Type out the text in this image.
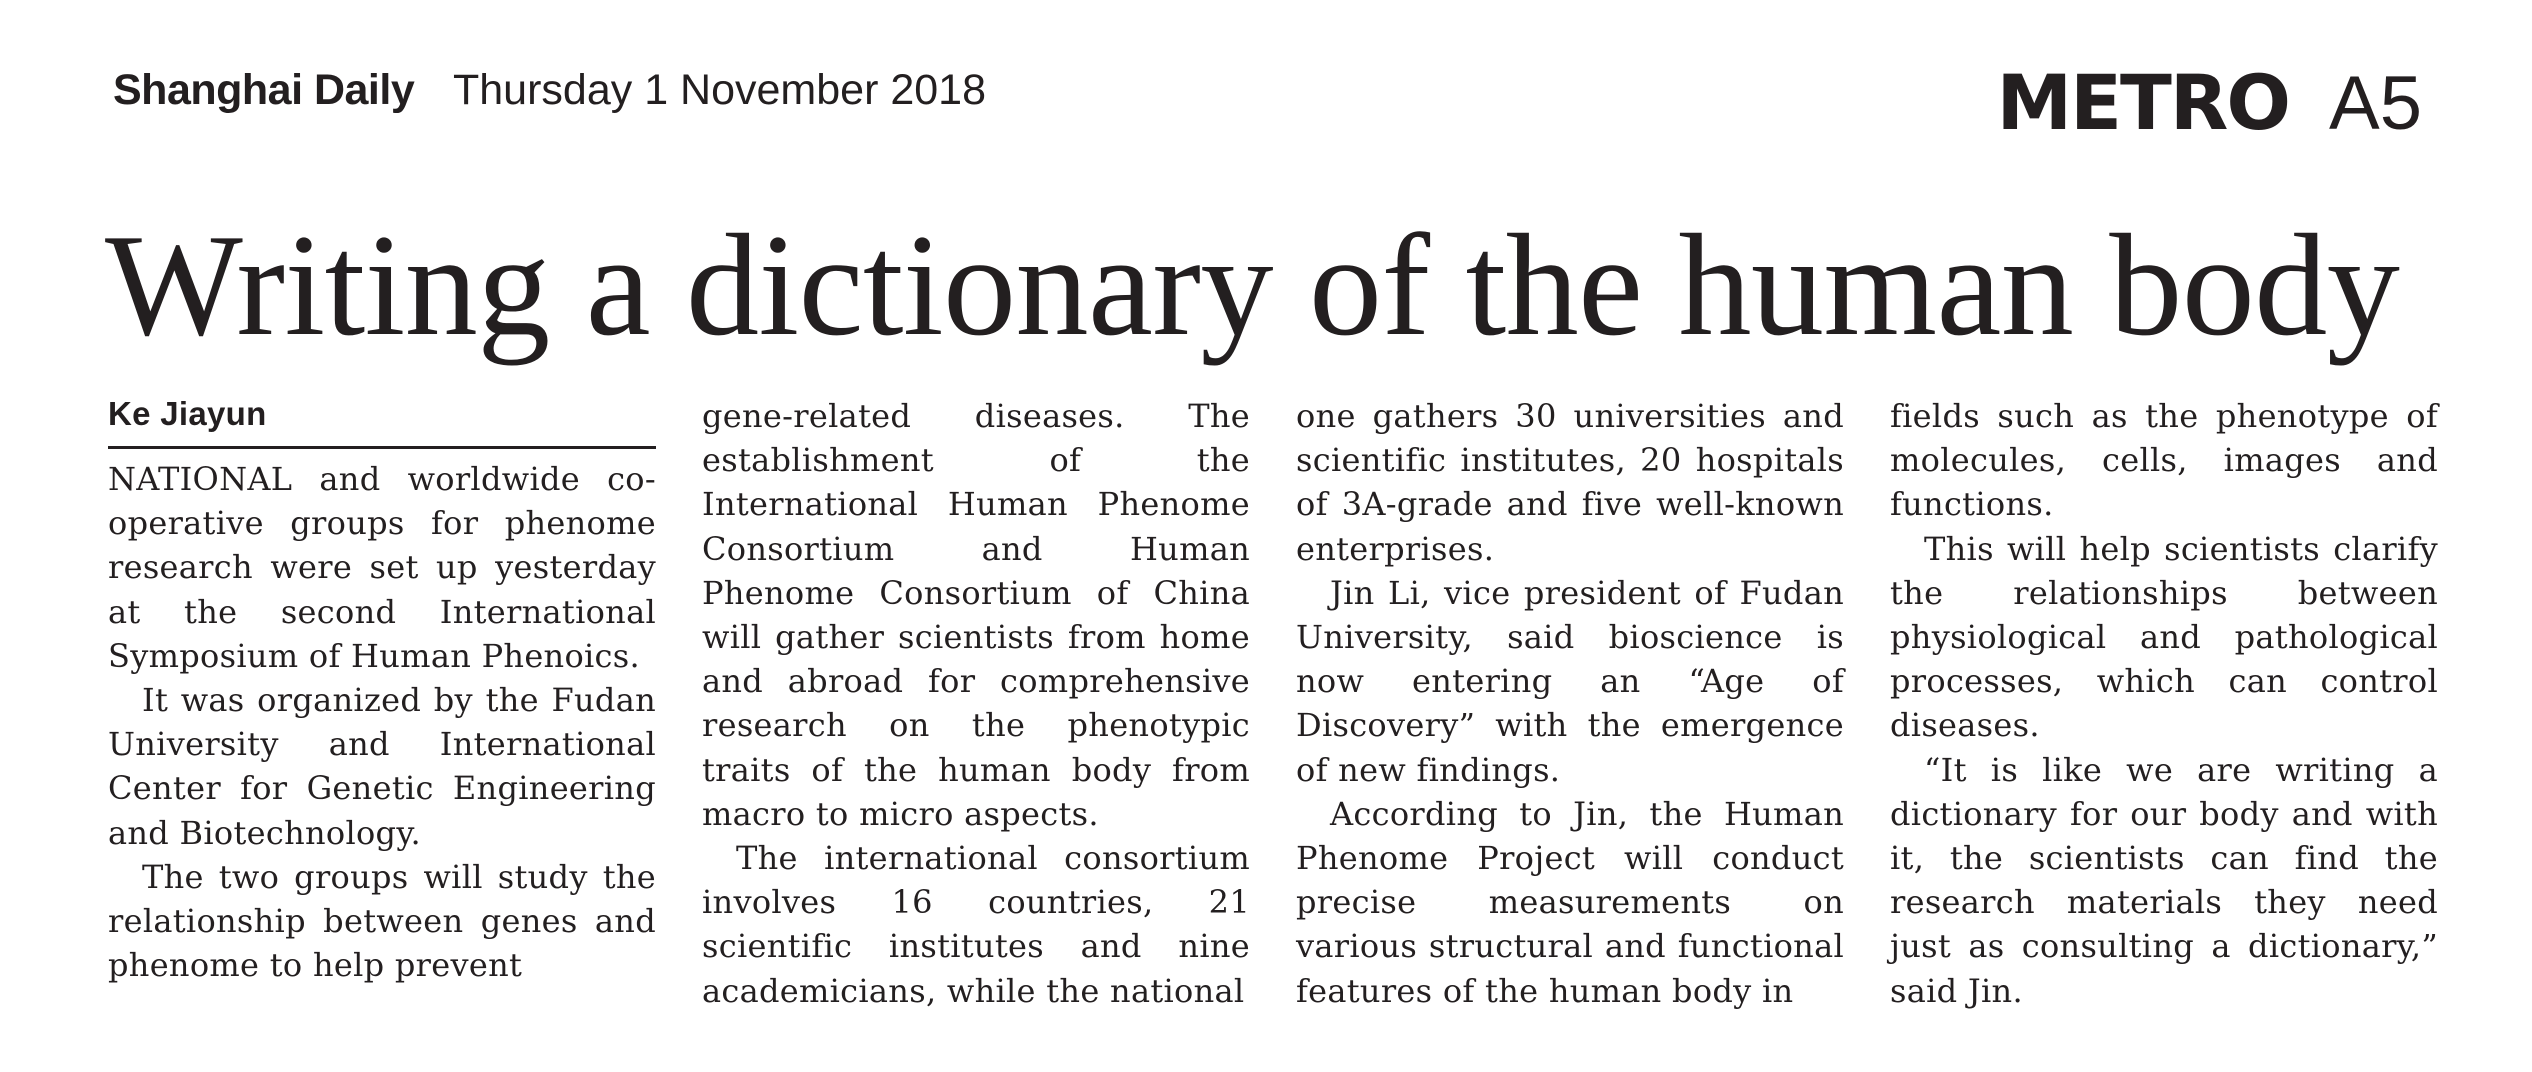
Shanghai Daily Thursday 1 November 2018	METRO A5
Writing a dictionary of the human body
Ke Jiayun

NATIONAL and worldwide co-operative groups for phenome research were set up yesterday at the second International Symposium of Human Phenoics.

It was organized by the Fudan University and International Center for Genetic Engineering and Biotechnology.

The two groups will study the relationship between genes and phenome to help prevent

gene-related diseases. The establishment of the International Human Phenome Consortium and Human Phenome Consortium of China will gather scientists from home and abroad for comprehensive research on the phenotypic traits of the human body from macro to micro aspects.

The international consortium involves 16 countries, 21 scientific institutes and nine academicians, while the national

one gathers 30 universities and scientific institutes, 20 hospitals of 3A-grade and five well-known enterprises.

Jin Li, vice president of Fudan University, said bioscience is now entering an “Age of Discovery” with the emergence of new findings.

According to Jin, the Human Phenome Project will conduct precise measurements on various structural and functional features of the human body in

fields such as the phenotype of molecules, cells, images and functions.

This will help scientists clarify the relationships between physiological and pathological processes, which can control diseases.

“It is like we are writing a dictionary for our body and with it, the scientists can find the research materials they need just as consulting a dictionary,” said Jin.
